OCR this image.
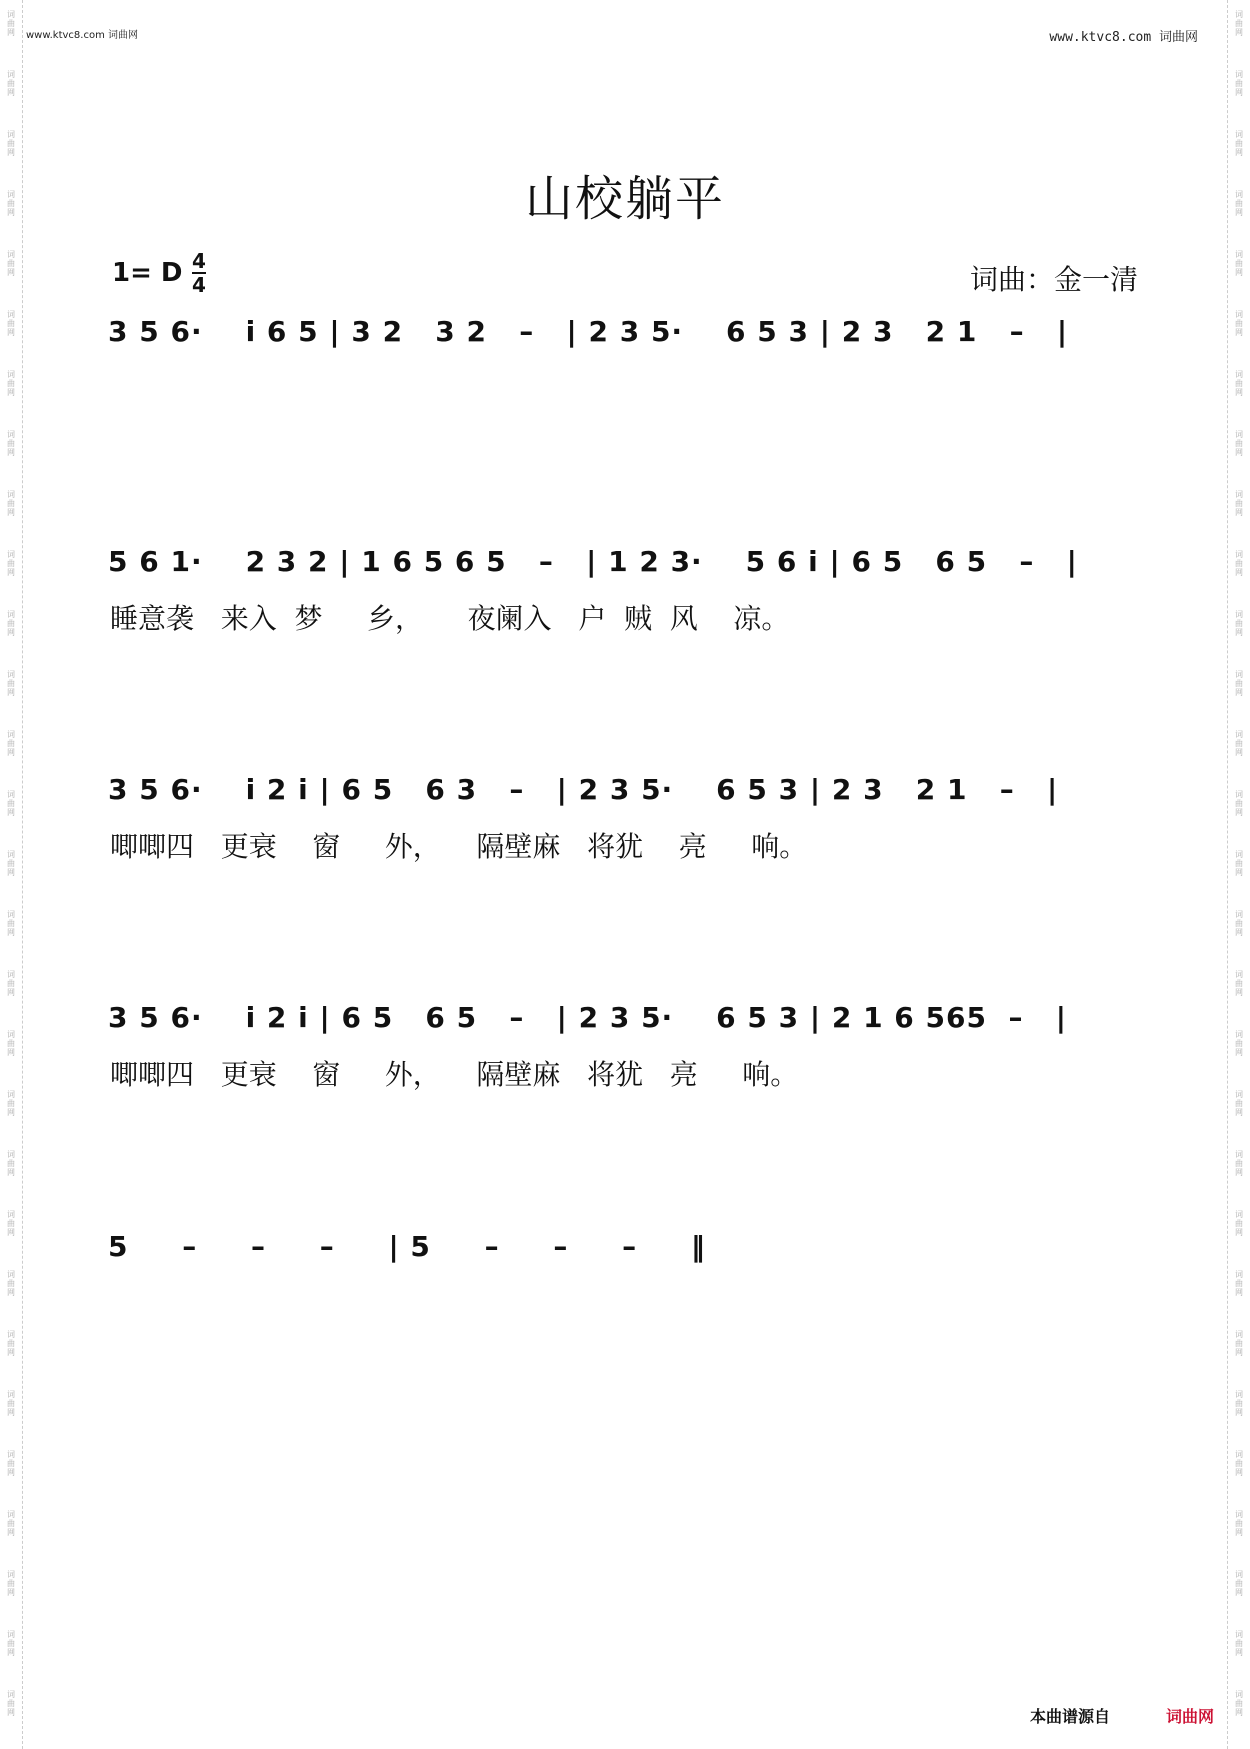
词曲网
词曲网
词曲网
词曲网
词曲网
词曲网
词曲网
词曲网
词曲网
词曲网
词曲网
词曲网
词曲网
词曲网
词曲网
词曲网
词曲网
词曲网
词曲网
词曲网
词曲网
词曲网
词曲网
词曲网
词曲网
词曲网
词曲网
词曲网
词曲网
词曲网
词曲网
词曲网
词曲网
词曲网
词曲网
词曲网
词曲网
词曲网
词曲网
词曲网
词曲网
词曲网
词曲网
词曲网
词曲网
词曲网
词曲网
词曲网
词曲网
词曲网
词曲网
词曲网
词曲网
词曲网
词曲网
词曲网
词曲网
词曲网
www.ktvc8.com 词曲网	www.ktvc8.com 词曲网
山校躺平
1= D 4
4	词曲：金一清
3 5 6·    i 6 5 | 3 2   3 2   –   | 2 3 5·    6 5 3 | 2 3   2 1   –   |
5 6 1·    2 3 2 | 1 6 5 6 5   –   | 1 2 3·    5 6 i | 6 5   6 5   –   |
睡意袭   来入  梦     乡，     夜阑入   户  贼  风    凉。
3 5 6·    i 2 i | 6 5   6 3   –   | 2 3 5·    6 5 3 | 2 3   2 1   –   |
唧唧四   更衰    窗     外，    隔壁麻   将犹    亮     响。
3 5 6·    i 2 i | 6 5   6 5   –   | 2 3 5·    6 5 3 | 2 1 6 565  –   |
唧唧四   更衰    窗     外，    隔壁麻   将犹   亮     响。
5     –     –     –     | 5     –     –     –     ‖
本曲谱源自	词曲网
